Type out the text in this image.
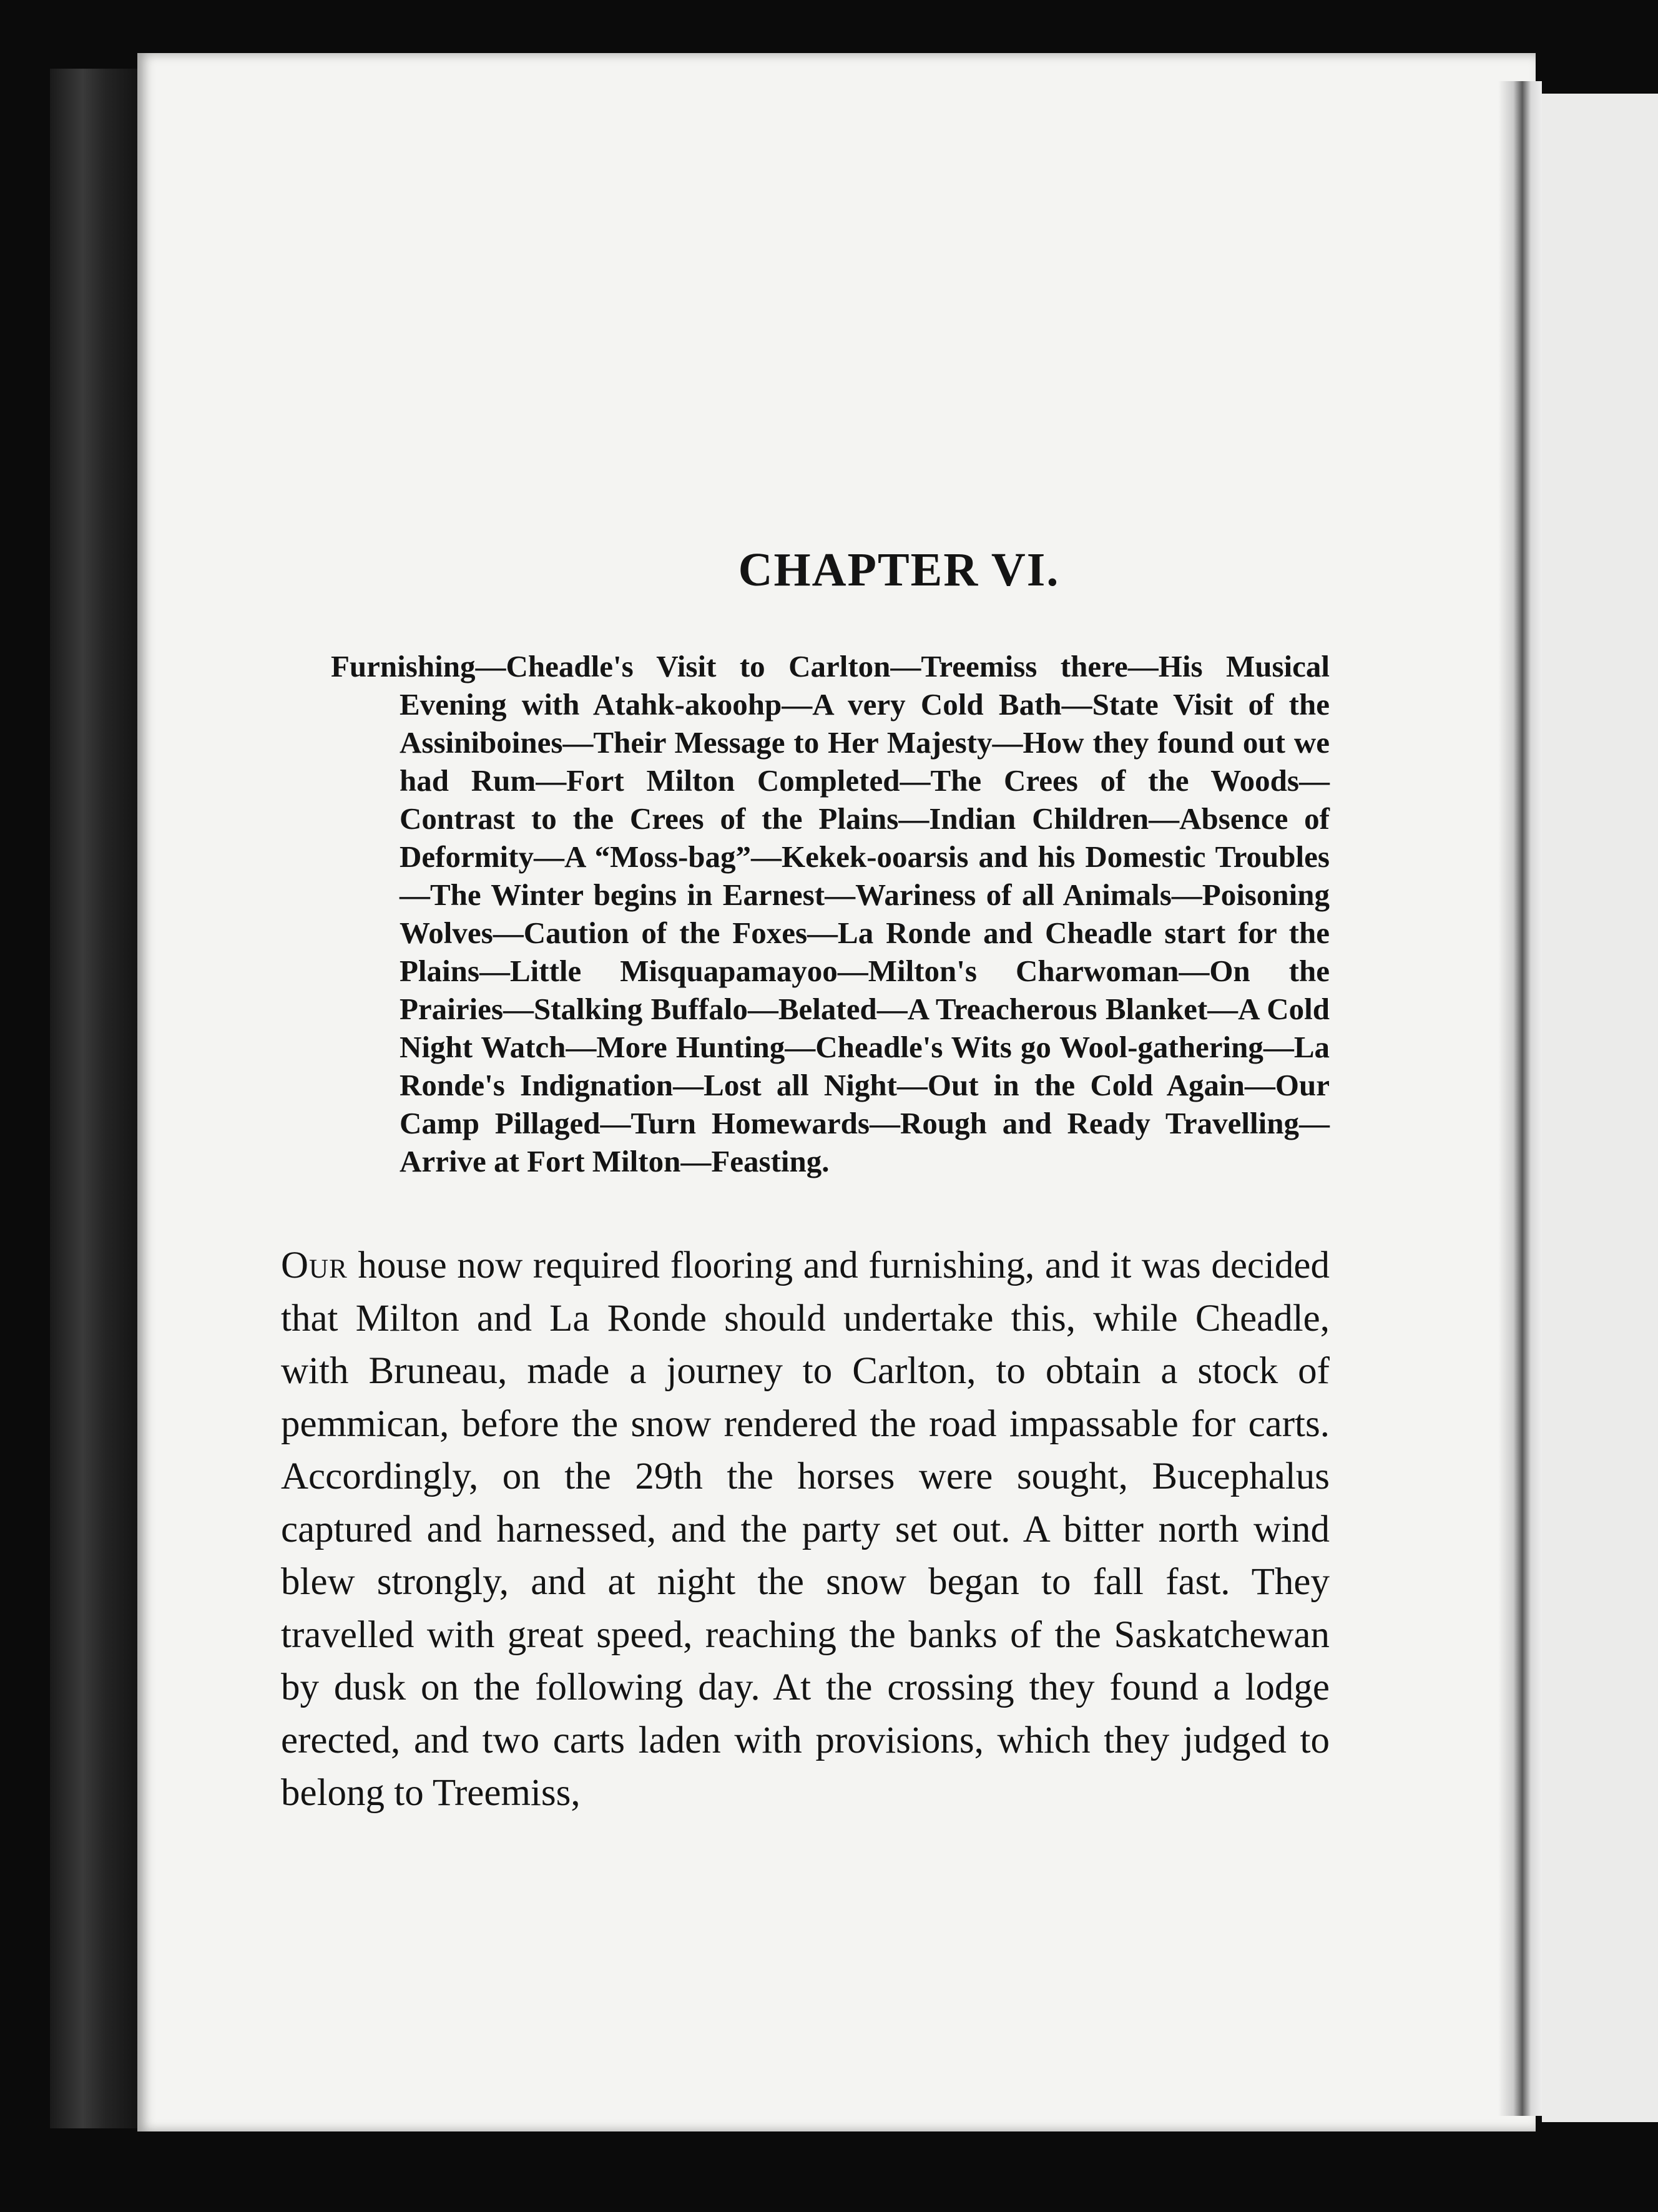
CHAPTER VI.

Furnishing—Cheadle's Visit to Carlton—Treemiss there—His Musical Evening with Atahk-akoohp—A very Cold Bath—State Visit of the Assiniboines—Their Message to Her Majesty—How they found out we had Rum—Fort Milton Completed—The Crees of the Woods—Contrast to the Crees of the Plains—Indian Children—Absence of Deformity—A “Moss-bag”—Kekek-ooarsis and his Domestic Troubles—The Winter begins in Earnest—Wariness of all Animals—Poisoning Wolves—Caution of the Foxes—La Ronde and Cheadle start for the Plains—Little Misquapamayoo—Milton's Charwoman—On the Prairies—Stalking Buffalo—Belated—A Treacherous Blanket—A Cold Night Watch—More Hunting—Cheadle's Wits go Wool-gathering—La Ronde's Indignation—Lost all Night—Out in the Cold Again—Our Camp Pillaged—Turn Homewards—Rough and Ready Travelling—Arrive at Fort Milton—Feasting.

Our house now required flooring and furnishing, and it was decided that Milton and La Ronde should undertake this, while Cheadle, with Bruneau, made a journey to Carlton, to obtain a stock of pemmican, before the snow rendered the road impassable for carts. Accordingly, on the 29th the horses were sought, Bucephalus captured and harnessed, and the party set out. A bitter north wind blew strongly, and at night the snow began to fall fast. They travelled with great speed, reaching the banks of the Saskatchewan by dusk on the following day. At the crossing they found a lodge erected, and two carts laden with provisions, which they judged to belong to Treemiss,
